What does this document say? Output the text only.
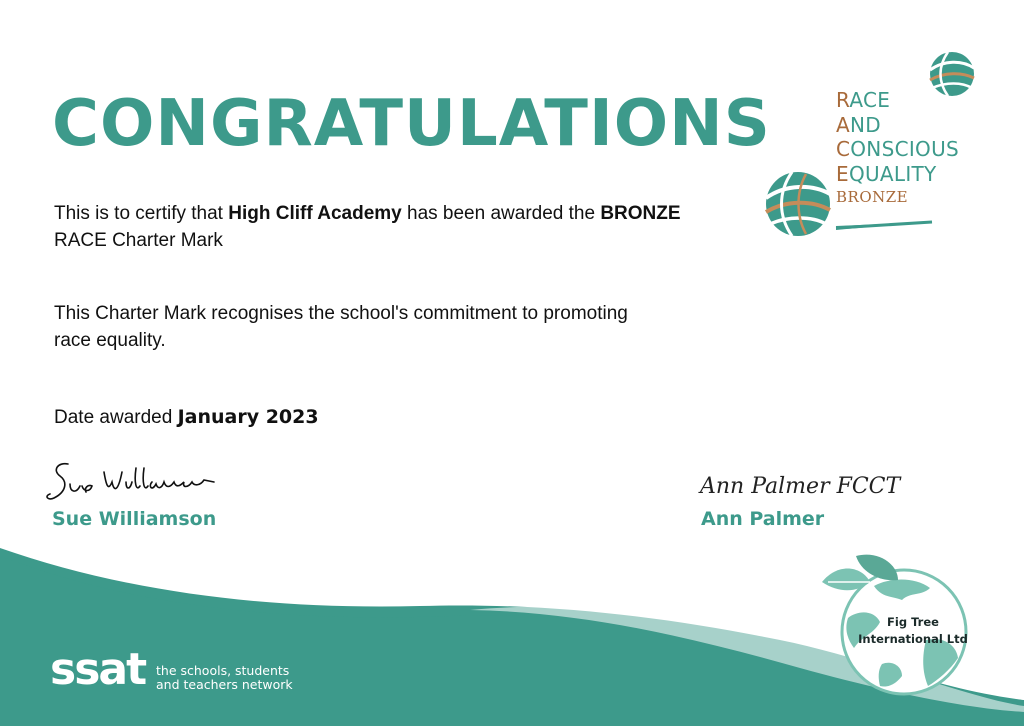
CONGRATULATIONS

This is to certify that High Cliff Academy has been awarded the BRONZE RACE Charter Mark

This Charter Mark recognises the school's commitment to promoting race equality.

Date awarded January 2023

Ann Palmer FCCT
Sue Williamson	Ann Palmer
RACE
AND
CONSCIOUS
EQUALITY
BRONZE
Fig Tree
International Ltd
ssat the schools, students
and teachers network
